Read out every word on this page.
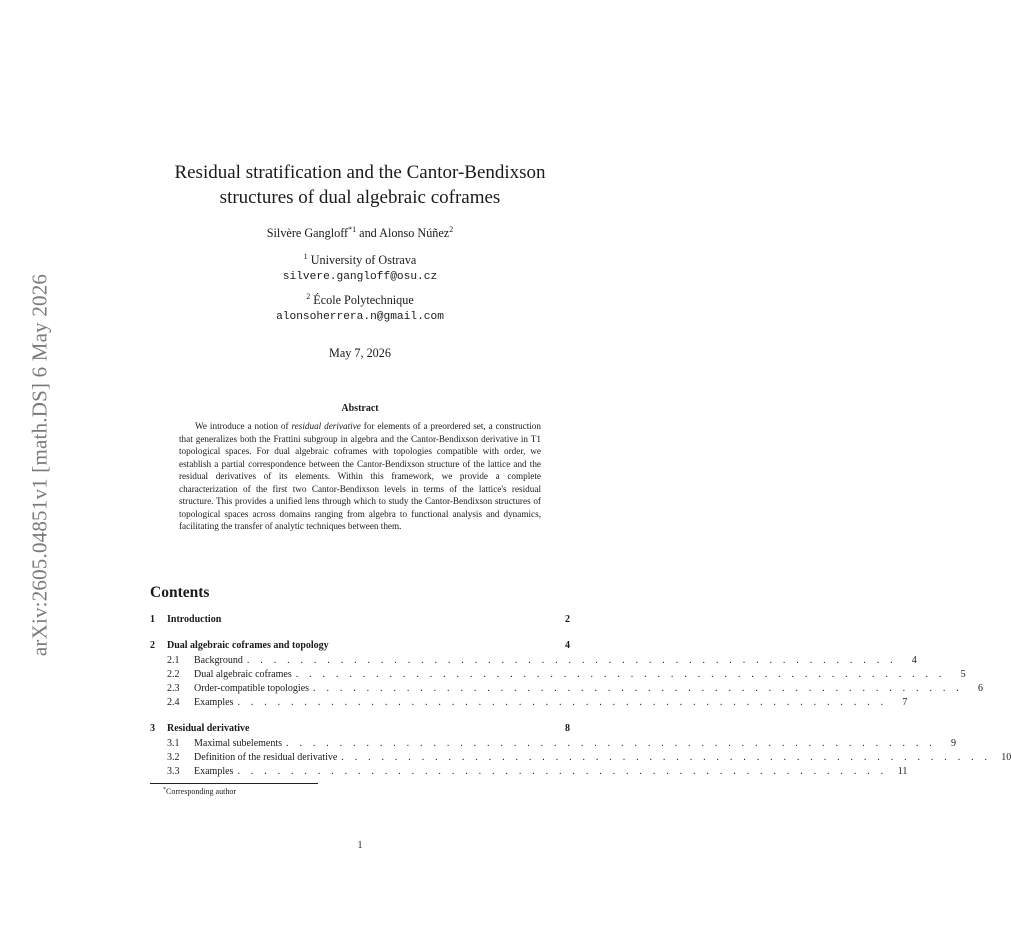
arXiv:2605.04851v1 [math.DS] 6 May 2026
Residual stratification and the Cantor-Bendixson
structures of dual algebraic coframes
Silvère Gangloff$^{*1}$ and Alonso Núñez$^2$
$^1$ University of Ostrava
silvere.gangloff@osu.cz
$^2$ École Polytechnique
alonsoherrera.n@gmail.com
May 7, 2026
Abstract
We introduce a notion of residual derivative for elements of a preordered set, a construction that generalizes both the Frattini subgroup in algebra and the Cantor-Bendixson derivative in T1 topological spaces. For dual algebraic coframes with topologies compatible with order, we establish a partial correspondence between the Cantor-Bendixson structure of the lattice and the residual derivatives of its elements. Within this framework, we provide a complete characterization of the first two Cantor-Bendixson levels in terms of the lattice's residual structure. This provides a unified lens through which to study the Cantor-Bendixson structures of topological spaces across domains ranging from algebra to functional analysis and dynamics, facilitating the transfer of analytic techniques between them.
Contents
1 Introduction	2
2 Dual algebraic coframes and topology	4
2.1	Background . . . . . . . . . . . . . . . . . . . . . . . . . . . . . . . . . . . . . . . . . . . . . . . . .	4
2.2	Dual algebraic coframes . . . . . . . . . . . . . . . . . . . . . . . . . . . . . . . . . . . . . . . . . . . . . . . . .	5
2.3	Order-compatible topologies . . . . . . . . . . . . . . . . . . . . . . . . . . . . . . . . . . . . . . . . . . . . . . . . .	6
2.4	Examples . . . . . . . . . . . . . . . . . . . . . . . . . . . . . . . . . . . . . . . . . . . . . . . . .	7
3 Residual derivative	8
3.1	Maximal subelements . . . . . . . . . . . . . . . . . . . . . . . . . . . . . . . . . . . . . . . . . . . . . . . . .	9
3.2	Definition of the residual derivative . . . . . . . . . . . . . . . . . . . . . . . . . . . . . . . . . . . . . . . . . . . . . . . . .	10
3.3	Examples . . . . . . . . . . . . . . . . . . . . . . . . . . . . . . . . . . . . . . . . . . . . . . . . .	11
*Corresponding author
1
